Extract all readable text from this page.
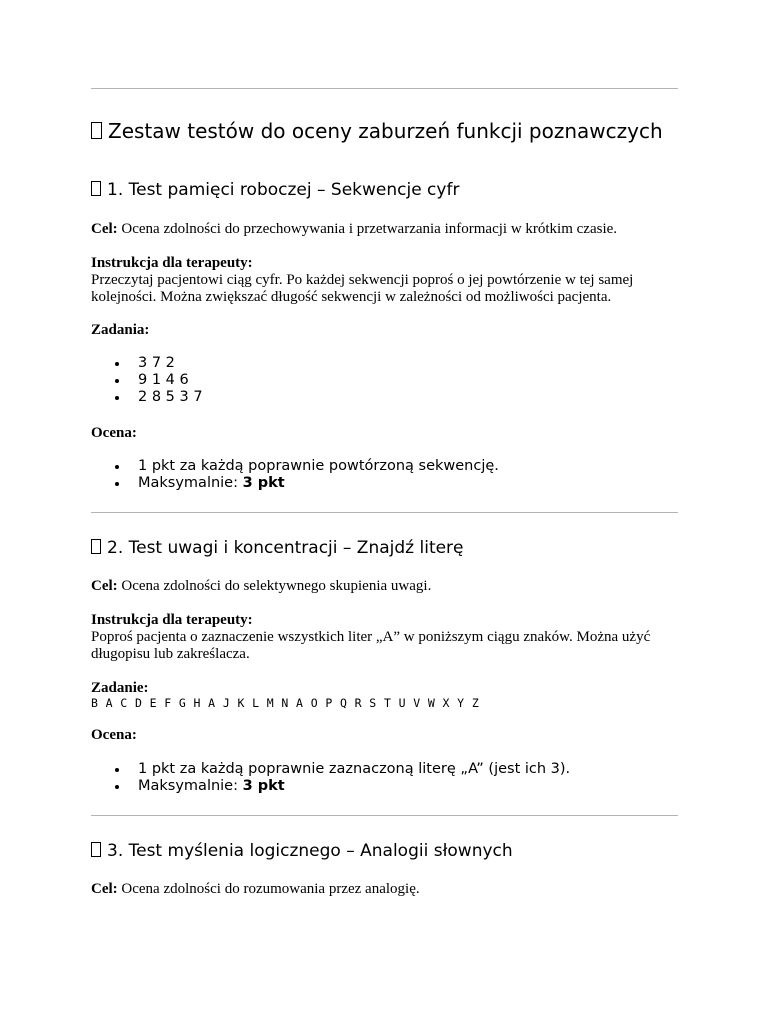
Zestaw testów do oceny zaburzeń funkcji poznawczych
1. Test pamięci roboczej – Sekwencje cyfr
Cel: Ocena zdolności do przechowywania i przetwarzania informacji w krótkim czasie.
Instrukcja dla terapeuty:
Przeczytaj pacjentowi ciąg cyfr. Po każdej sekwencji poproś o jej powtórzenie w tej samej kolejności. Można zwiększać długość sekwencji w zależności od możliwości pacjenta.
Zadania:
3 7 2
9 1 4 6
2 8 5 3 7
Ocena:
1 pkt za każdą poprawnie powtórzoną sekwencję.
Maksymalnie: 3 pkt
2. Test uwagi i koncentracji – Znajdź literę
Cel: Ocena zdolności do selektywnego skupienia uwagi.
Instrukcja dla terapeuty:
Poproś pacjenta o zaznaczenie wszystkich liter „A” w poniższym ciągu znaków. Można użyć długopisu lub zakreślacza.
Zadanie:
B A C D E F G H A J K L M N A O P Q R S T U V W X Y Z
Ocena:
1 pkt za każdą poprawnie zaznaczoną literę „A” (jest ich 3).
Maksymalnie: 3 pkt
3. Test myślenia logicznego – Analogii słownych
Cel: Ocena zdolności do rozumowania przez analogię.
